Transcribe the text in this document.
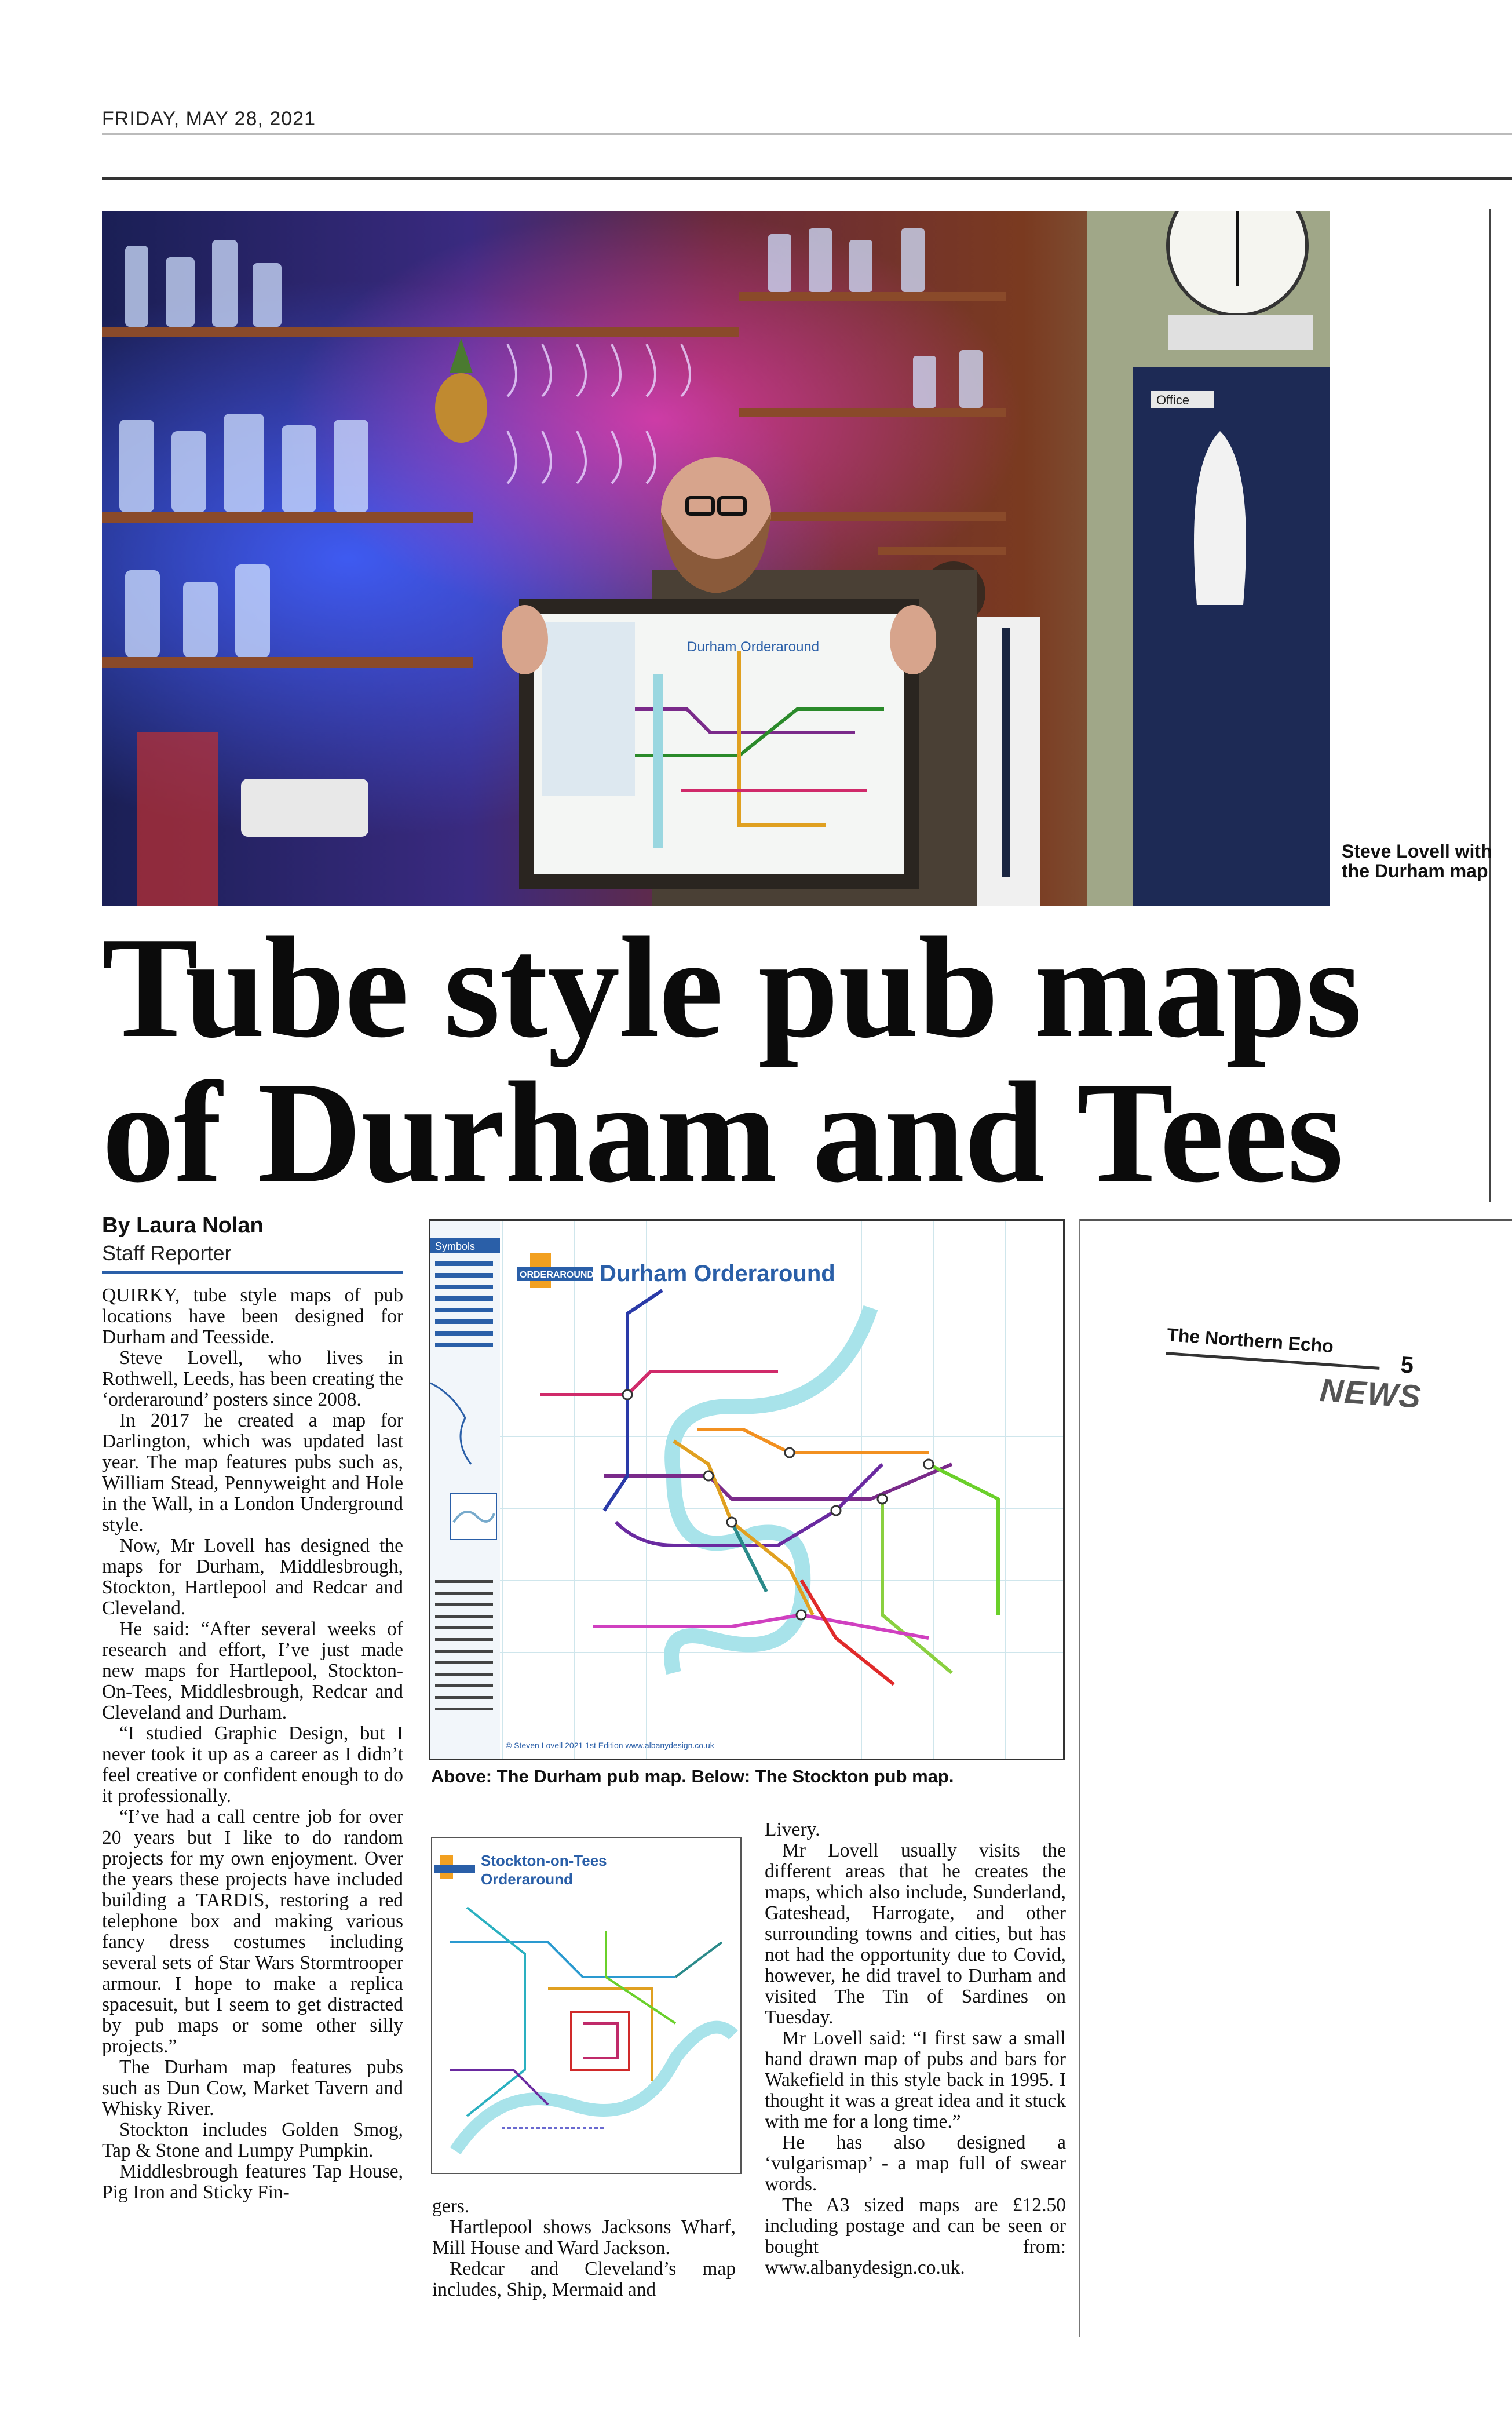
FRIDAY, MAY 28, 2021
Office
Durham Orderaround
Steve Lovell with the Durham map
Tube style pub maps
of Durham and Tees
By Laura Nolan
Staff Reporter

QUIRKY, tube style maps of pub locations have been designed for Durham and Teesside.

Steve Lovell, who lives in Rothwell, Leeds, has been creating the ‘orderaround’ posters since 2008.

In 2017 he created a map for Darlington, which was updated last year. The map features pubs such as, William Stead, Pennyweight and Hole in the Wall, in a London Underground style.

Now, Mr Lovell has designed the maps for Durham, Middlesbrough, Stockton, Hartlepool and Redcar and Cleveland.

He said: “After several weeks of research and effort, I’ve just made new maps for Hartlepool, Stockton-On-Tees, Middlesbrough, Redcar and Cleveland and Durham.

“I studied Graphic Design, but I never took it up as a career as I didn’t feel creative or confident enough to do it professionally.

“I’ve had a call centre job for over 20 years but I like to do random projects for my own enjoyment. Over the years these projects have included building a TARDIS, restoring a red telephone box and making various fancy dress costumes including several sets of Star Wars Stormtrooper armour. I hope to make a replica spacesuit, but I seem to get distracted by pub maps or some other silly projects.”

The Durham map features pubs such as Dun Cow, Market Tavern and Whisky River.

Stockton includes Golden Smog, Tap & Stone and Lumpy Pumpkin.

Middlesbrough features Tap House, Pig Iron and Sticky Fin-

Symbols
ORDERAROUND Durham Orderaround
© Steven Lovell 2021 1st Edition www.albanydesign.co.uk
Above: The Durham pub map. Below: The Stockton pub map.
Stockton-on-Tees
Orderaround

gers.

Hartlepool shows Jacksons Wharf, Mill House and Ward Jackson.

Redcar and Cleveland’s map includes, Ship, Mermaid and

Livery.

Mr Lovell usually visits the different areas that he creates the maps, which also include, Sunderland, Gateshead, Harrogate, and other surrounding towns and cities, but has not had the opportunity due to Covid, however, he did travel to Durham and visited The Tin of Sardines on Tuesday.

Mr Lovell said: “I first saw a small hand drawn map of pubs and bars for Wakefield in this style back in 1995. I thought it was a great idea and it stuck with me for a long time.”

He has also designed a ‘vulgarismap’ - a map full of swear words.

The A3 sized maps are £12.50 including postage and can be seen or bought from: www.albanydesign.co.uk.

The Northern Echo
5
NEWS
